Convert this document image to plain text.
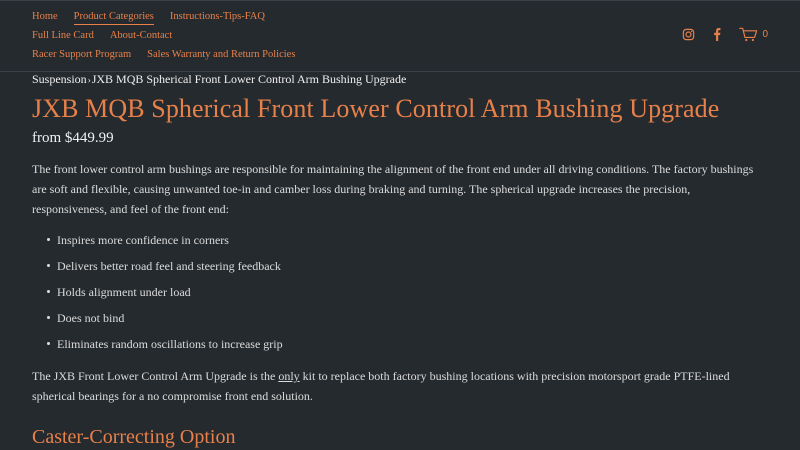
Home Product Categories Instructions-Tips-FAQ
Full Line Card About-Contact
Racer Support Program Sales Warranty and Return Policies
0
Suspension › JXB MQB Spherical Front Lower Control Arm Bushing Upgrade
JXB MQB Spherical Front Lower Control Arm Bushing Upgrade
from $449.99

The front lower control arm bushings are responsible for maintaining the alignment of the front end under all driving conditions. The factory bushings are soft and flexible, causing unwanted toe-in and camber loss during braking and turning. The spherical upgrade increases the precision, responsiveness, and feel of the front end:

Inspires more confidence in corners
Delivers better road feel and steering feedback
Holds alignment under load
Does not bind
Eliminates random oscillations to increase grip

The JXB Front Lower Control Arm Upgrade is the only kit to replace both factory bushing locations with precision motorsport grade PTFE-lined spherical bearings for a no compromise front end solution.

Caster-Correcting Option
